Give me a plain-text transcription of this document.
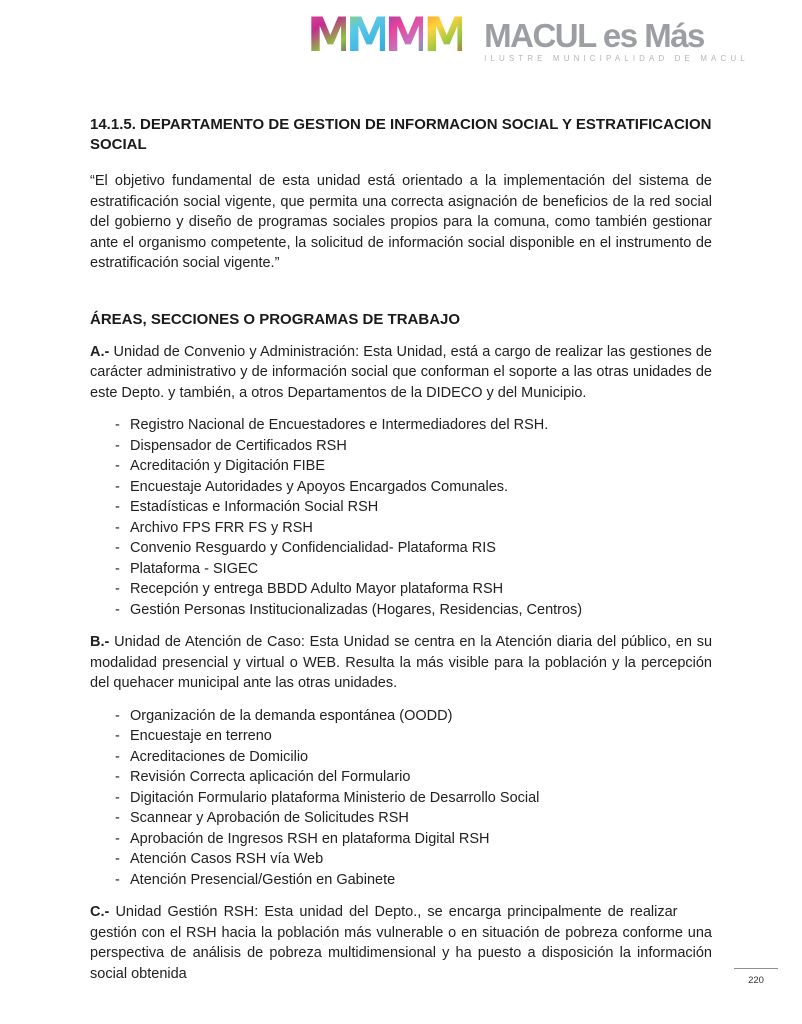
MMMM MACUL es Más
ILUSTRE MUNICIPALIDAD DE MACUL
14.1.5. DEPARTAMENTO DE GESTION DE INFORMACION SOCIAL Y ESTRATIFICACION SOCIAL

“El objetivo fundamental de esta unidad está orientado a la implementación del sistema de estratificación social vigente, que permita una correcta asignación de beneficios de la red social del gobierno y diseño de programas sociales propios para la comuna, como también gestionar ante el organismo competente, la solicitud de información social disponible en el instrumento de estratificación social vigente.”

ÁREAS, SECCIONES O PROGRAMAS DE TRABAJO

A.- Unidad de Convenio y Administración: Esta Unidad, está a cargo de realizar las gestiones de carácter administrativo y de información social que conforman el soporte a las otras unidades de este Depto. y también, a otros Departamentos de la DIDECO y del Municipio.

- Registro Nacional de Encuestadores e Intermediadores del RSH.
- Dispensador de Certificados RSH
- Acreditación y Digitación FIBE
- Encuestaje Autoridades y Apoyos Encargados Comunales.
- Estadísticas e Información Social RSH
- Archivo FPS FRR FS y RSH
- Convenio Resguardo y Confidencialidad- Plataforma RIS
- Plataforma - SIGEC
- Recepción y entrega BBDD Adulto Mayor plataforma RSH
- Gestión Personas Institucionalizadas (Hogares, Residencias, Centros)

B.- Unidad de Atención de Caso: Esta Unidad se centra en la Atención diaria del público, en su modalidad presencial y virtual o WEB. Resulta la más visible para la población y la percepción del quehacer municipal ante las otras unidades.

- Organización de la demanda espontánea (OODD)
- Encuestaje en terreno
- Acreditaciones de Domicilio
- Revisión Correcta aplicación del Formulario
- Digitación Formulario plataforma Ministerio de Desarrollo Social
- Scannear y Aprobación de Solicitudes RSH
- Aprobación de Ingresos RSH en plataforma Digital RSH
- Atención Casos RSH vía Web
- Atención Presencial/Gestión en Gabinete

C.- Unidad Gestión RSH: Esta unidad del Depto., se encarga principalmente de realizar       gestión con el RSH hacia la población más vulnerable o en situación de pobreza conforme una perspectiva de análisis de pobreza multidimensional y ha puesto a disposición la información social obtenida	220
